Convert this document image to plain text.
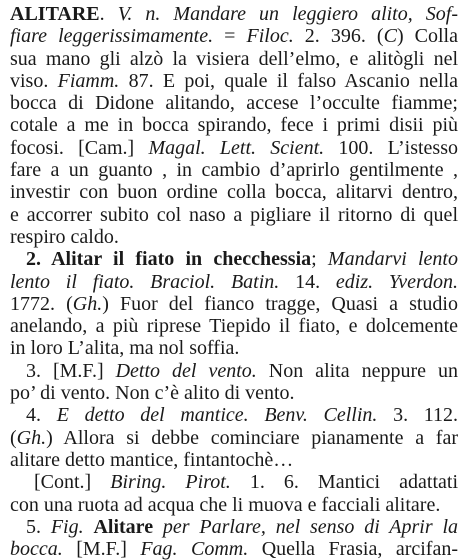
ALITARE. V. n. Mandare un leggiero alito, Sof-
fiare leggerissimamente. = Filoc. 2. 396. (C) Colla
sua mano gli alzò la visiera dell’elmo, e alitògli nel
viso. Fiamm. 87. E poi, quale il falso Ascanio nella
bocca di Didone alitando, accese l’occulte fiamme;
cotale a me in bocca spirando, fece i primi disii più
focosi. [Cam.] Magal. Lett. Scient. 100. L’istesso
fare a un guanto , in cambio d’aprirlo gentilmente ,
investir con buon ordine colla bocca, alitarvi dentro,
e accorrer subito col naso a pigliare il ritorno di quel
respiro caldo.
2. Alitar il fiato in checchessia; Mandarvi lento
lento il fiato. Braciol. Batin. 14. ediz. Yverdon.
1772. (Gh.) Fuor del fianco tragge, Quasi a studio
anelando, a più riprese Tiepido il fiato, e dolcemente
in loro L’alita, ma nol soffia.
3. [M.F.] Detto del vento. Non alita neppure un
po’ di vento. Non c’è alito di vento.
4. E detto del mantice. Benv. Cellin. 3. 112.
(Gh.) Allora si debbe cominciare pianamente a far
alitare detto mantice, fintantochè…
[Cont.] Biring. Pirot. 1. 6. Mantici adattati
con una ruota ad acqua che li muova e facciali alitare.
5. Fig. Alitare per Parlare, nel senso di Aprir la
bocca. [M.F.] Fag. Comm. Quella Frasia, arcifan-
